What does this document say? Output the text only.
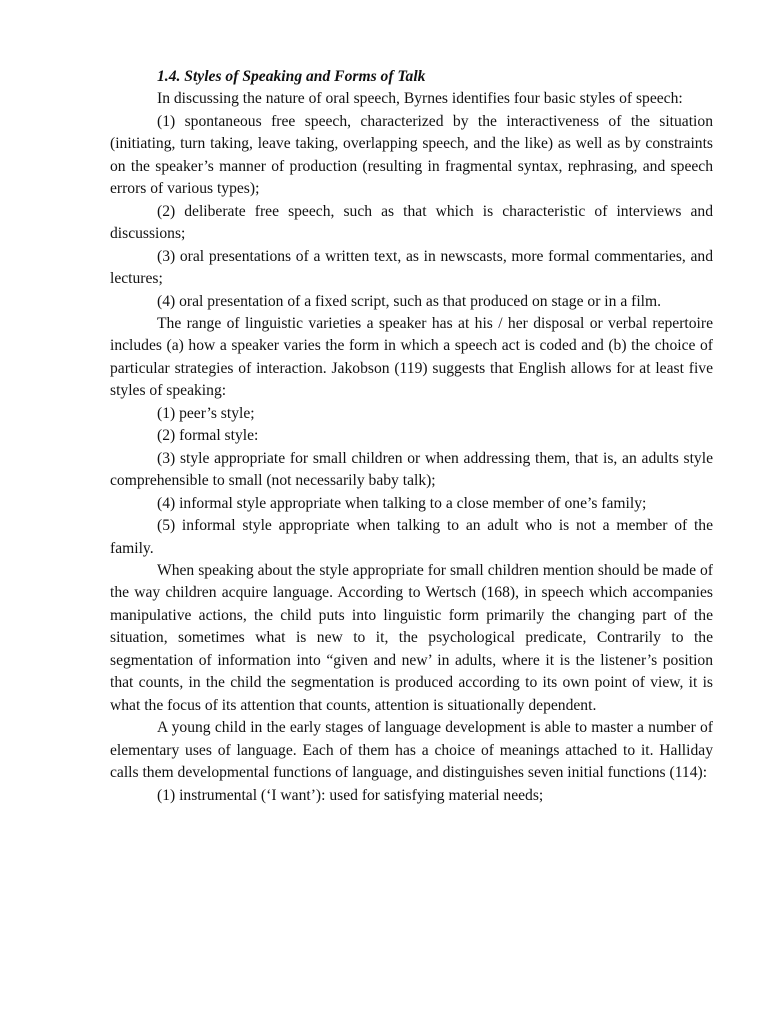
1.4. Styles of Speaking and Forms of Talk

In discussing the nature of oral speech, Byrnes identifies four basic styles of speech:

(1) spontaneous free speech, characterized by the interactiveness of the situation (initiating, turn taking, leave taking, overlapping speech, and the like) as well as by constraints on the speaker’s manner of production (resulting in fragmental syntax, rephrasing, and speech errors of various types);

(2) deliberate free speech, such as that which is characteristic of interviews and discussions;

(3) oral presentations of a written text, as in newscasts, more formal commentaries, and lectures;

(4) oral presentation of a fixed script, such as that produced on stage or in a film.

The range of linguistic varieties a speaker has at his / her disposal or verbal repertoire includes (a) how a speaker varies the form in which a speech act is coded and (b) the choice of particular strategies of interaction. Jakobson (119) suggests that English allows for at least five styles of speaking:

(1) peer’s style;

(2) formal style:

(3) style appropriate for small children or when addressing them, that is, an adults style comprehensible to small (not necessarily baby talk);

(4) informal style appropriate when talking to a close member of one’s family;

(5) informal style appropriate when talking to an adult who is not a member of the family.

When speaking about the style appropriate for small children mention should be made of the way children acquire language. According to Wertsch (168), in speech which accompanies manipulative actions, the child puts into linguistic form primarily the changing part of the situation, sometimes what is new to it, the psychological predicate, Contrarily to the segmentation of information into “given and new’ in adults, where it is the listener’s position that counts, in the child the segmentation is produced according to its own point of view, it is what the focus of its attention that counts, attention is situationally dependent.

A young child in the early stages of language development is able to master a number of elementary uses of language. Each of them has a choice of meanings attached to it. Halliday calls them developmental functions of language, and distinguishes seven initial functions (114):

(1) instrumental (‘I want’): used for satisfying material needs;
